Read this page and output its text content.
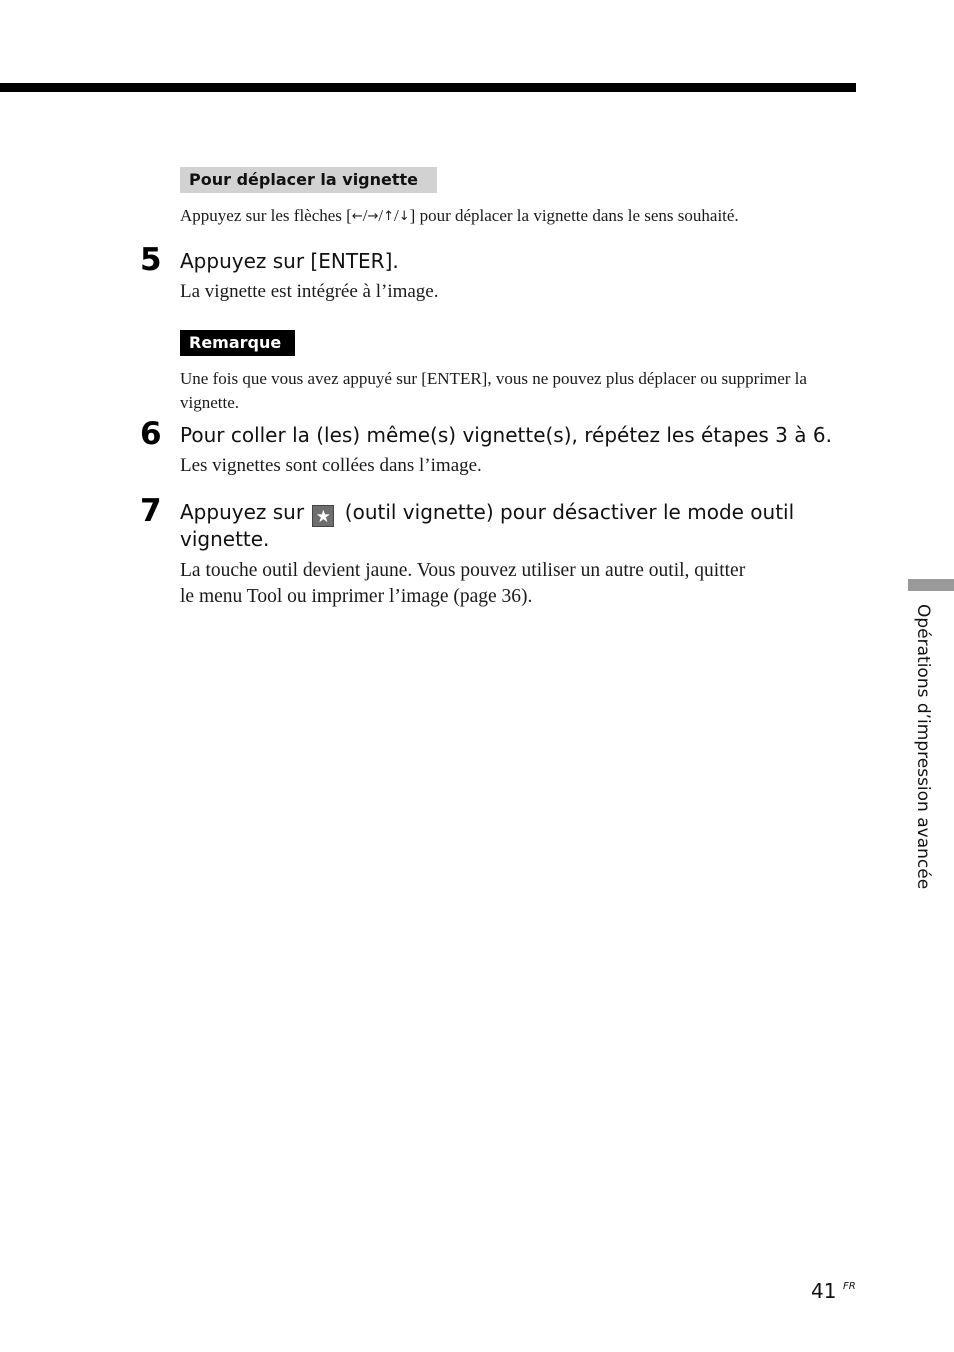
Pour déplacer la vignette
Appuyez sur les flèches [←/→/↑/↓] pour déplacer la vignette dans le sens souhaité.
5 Appuyez sur [ENTER].
La vignette est intégrée à l’image.
Remarque
Une fois que vous avez appuyé sur [ENTER], vous ne pouvez plus déplacer ou supprimer la vignette.
6 Pour coller la (les) même(s) vignette(s), répétez les étapes 3 à 6.
Les vignettes sont collées dans l’image.
7 Appuyez sur ★ (outil vignette) pour désactiver le mode outil
vignette.
La touche outil devient jaune. Vous pouvez utiliser un autre outil, quitter
le menu Tool ou imprimer l’image (page 36).
Opérations d’impression avancée
41 FR
